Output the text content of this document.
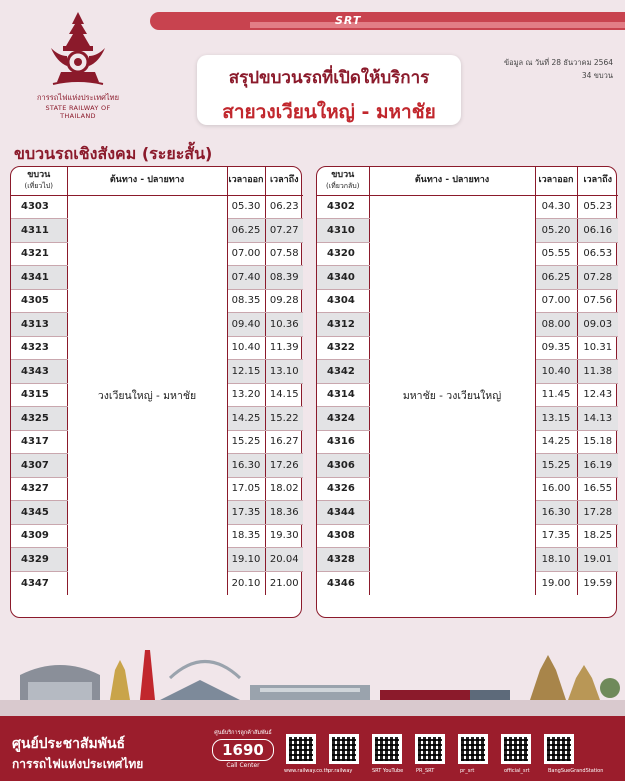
SRT
การรถไฟแห่งประเทศไทย
STATE RAILWAY OF THAILAND
สรุปขบวนรถที่เปิดให้บริการ
สายวงเวียนใหญ่ - มหาชัย
ข้อมูล ณ วันที่ 28 ธันวาคม 2564
34 ขบวน
ขบวนรถเชิงสังคม (ระยะสั้น)
ขบวน
(เที่ยวไป)	ต้นทาง - ปลายทาง	เวลาออก	เวลาถึง
4303	วงเวียนใหญ่ - มหาชัย	05.30	06.23
4311		06.25	07.27
4321		07.00	07.58
4341		07.40	08.39
4305		08.35	09.28
4313		09.40	10.36
4323		10.40	11.39
4343		12.15	13.10
4315		13.20	14.15
4325		14.25	15.22
4317		15.25	16.27
4307		16.30	17.26
4327		17.05	18.02
4345		17.35	18.36
4309		18.35	19.30
4329		19.10	20.04
4347		20.10	21.00
ขบวน
(เที่ยวกลับ)	ต้นทาง - ปลายทาง	เวลาออก	เวลาถึง
4302	มหาชัย - วงเวียนใหญ่	04.30	05.23
4310		05.20	06.16
4320		05.55	06.53
4340		06.25	07.28
4304		07.00	07.56
4312		08.00	09.03
4322		09.35	10.31
4342		10.40	11.38
4314		11.45	12.43
4324		13.15	14.13
4316		14.25	15.18
4306		15.25	16.19
4326		16.00	16.55
4344		16.30	17.28
4308		17.35	18.25
4328		18.10	19.01
4346		19.00	19.59
ศูนย์ประชาสัมพันธ์
การรถไฟแห่งประเทศไทย
ศูนย์บริการลูกค้าสัมพันธ์
1690
Call Center
www.railway.co.th pr.railway	SRT YouTube	PR_SRT	pr_srt	official_srt	BangSueGrandStation
